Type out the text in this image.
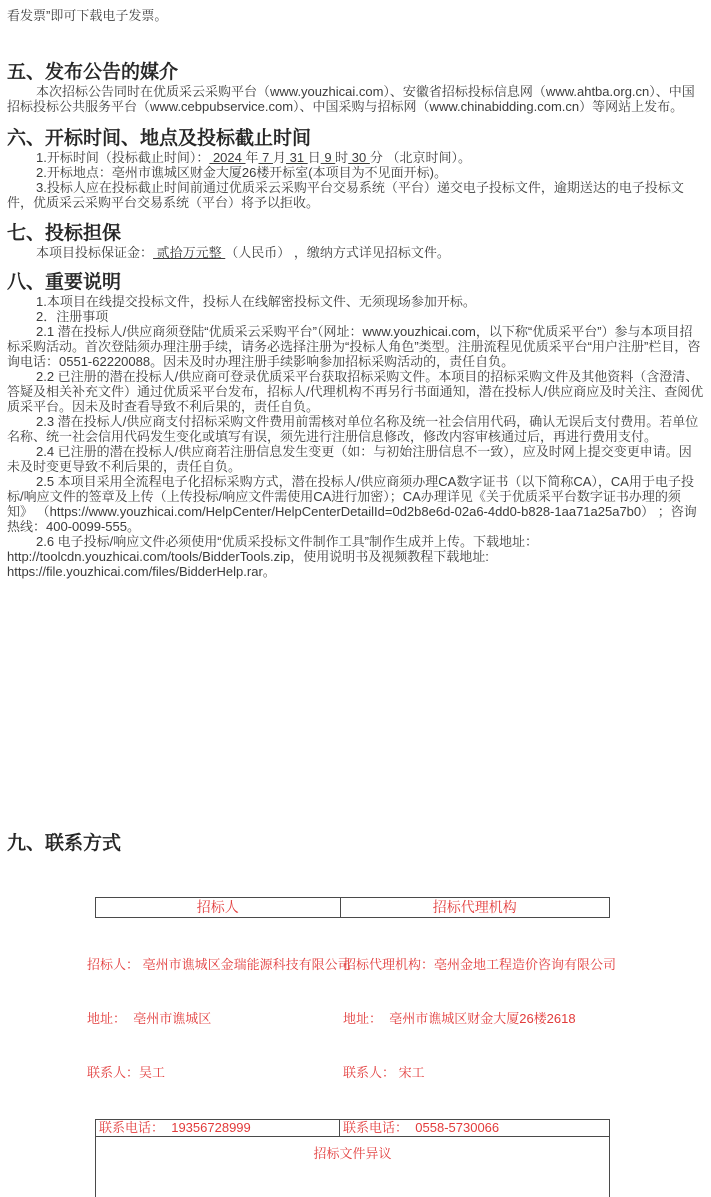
看发票”即可下载电子发票。

五、发布公告的媒介

本次招标公告同时在优质采云采购平台（www.youzhicai.com）、安徽省招标投标信息网（www.ahtba.org.cn）、中国招标投标公共服务平台（www.cebpubservice.com）、中国采购与招标网（www.chinabidding.com.cn）等网站上发布。

六、开标时间、地点及投标截止时间

1.开标时间（投标截止时间）： 2024 年 7 月 31 日 9 时 30 分 （北京时间）。

2.开标地点：亳州市谯城区财金大厦26楼开标室(本项目为不见面开标)。

3.投标人应在投标截止时间前通过优质采云采购平台交易系统（平台）递交电子投标文件，逾期送达的电子投标文件，优质采云采购平台交易系统（平台）将予以拒收。

七、投标担保

本项目投标保证金： 贰拾万元整 （人民币） ，缴纳方式详见招标文件。

八、重要说明

1.本项目在线提交投标文件，投标人在线解密投标文件、无须现场参加开标。

2．注册事项

2.1 潜在投标人/供应商须登陆“优质采云采购平台”（网址：www.youzhicai.com，以下称“优质采平台”）参与本项目招标采购活动。首次登陆须办理注册手续，请务必选择注册为“投标人角色”类型。注册流程见优质采平台“用户注册”栏目，咨询电话：0551-62220088。因未及时办理注册手续影响参加招标采购活动的，责任自负。

2.2 已注册的潜在投标人/供应商可登录优质采平台获取招标采购文件。本项目的招标采购文件及其他资料（含澄清、答疑及相关补充文件）通过优质采平台发布，招标人/代理机构不再另行书面通知，潜在投标人/供应商应及时关注、查阅优质采平台。因未及时查看导致不利后果的，责任自负。

2.3 潜在投标人/供应商支付招标采购文件费用前需核对单位名称及统一社会信用代码，确认无误后支付费用。若单位名称、统一社会信用代码发生变化或填写有误，须先进行注册信息修改，修改内容审核通过后，再进行费用支付。

2.4 已注册的潜在投标人/供应商若注册信息发生变更（如：与初始注册信息不一致），应及时网上提交变更申请。因未及时变更导致不利后果的，责任自负。

2.5 本项目采用全流程电子化招标采购方式，潜在投标人/供应商须办理CA数字证书（以下简称CA），CA用于电子投标/响应文件的签章及上传（上传投标/响应文件需使用CA进行加密）；CA办理详见《关于优质采平台数字证书办理的须知》 （https://www.youzhicai.com/HelpCenter/HelpCenterDetailId=0d2b8e6d-02a6-4dd0-b828-1aa71a25a7b0） ；咨询热线：400-0099-555。

2.6 电子投标/响应文件必须使用“优质采投标文件制作工具”制作生成并上传。下载地址：http://toolcdn.youzhicai.com/tools/BidderTools.zip，使用说明书及视频教程下载地址: https://file.youzhicai.com/files/BidderHelp.rar。

九、联系方式
招标人	招标代理机构

招标人： 亳州市谯城区金瑞能源科技有限公司

地址：  亳州市谯城区

联系人：吴工

招标代理机构：亳州金地工程造价咨询有限公司

地址：  亳州市谯城区财金大厦26楼2618

联系人： 宋工

联系电话：  19356728999	联系电话：  0558-5730066
招标文件异议
